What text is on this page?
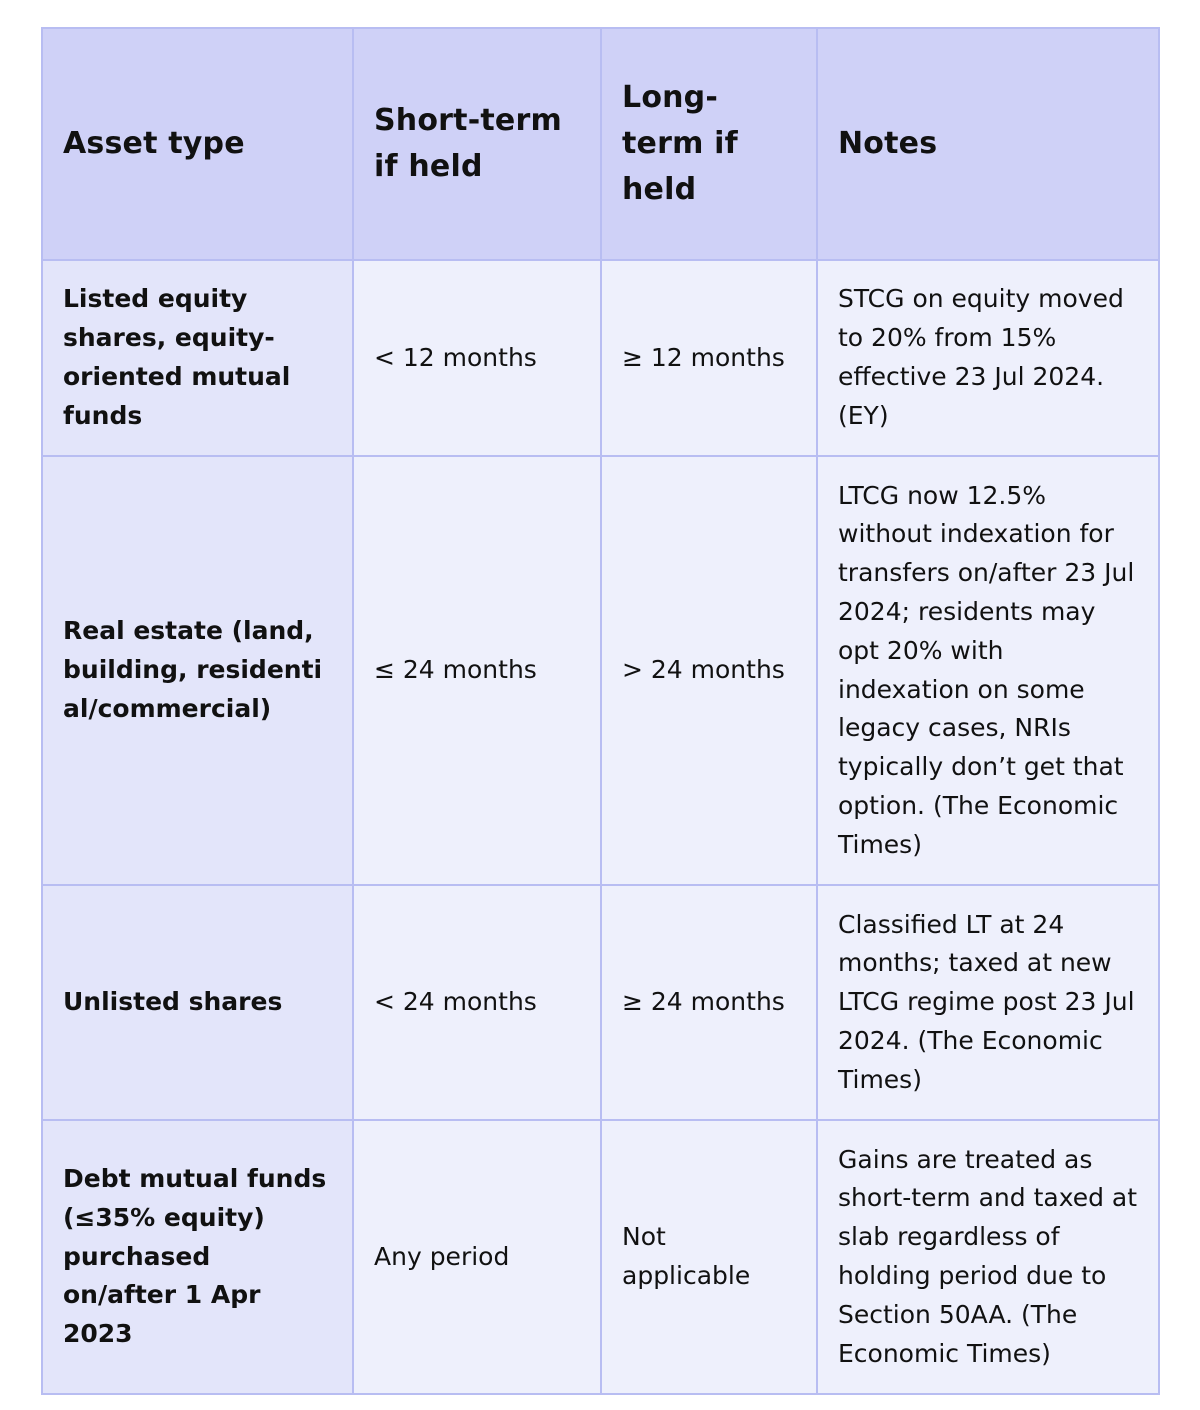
Asset type	Short-term if held	Long-term if held	Notes
Listed equity shares, equity-oriented mutual funds	< 12 months	≥ 12 months	STCG on equity moved to 20% from 15% effective 23 Jul 2024. (EY)
Real estate (land, building, residential/commercial)	≤ 24 months	> 24 months	LTCG now 12.5% without indexation for transfers on/after 23 Jul 2024; residents may opt 20% with indexation on some legacy cases, NRIs typically don’t get that option. (The Economic Times)
Unlisted shares	< 24 months	≥ 24 months	Classified LT at 24 months; taxed at new LTCG regime post 23 Jul 2024. (The Economic Times)
Debt mutual funds (≤35% equity) purchased on/after 1 Apr 2023	Any period	Not applicable	Gains are treated as short-term and taxed at slab regardless of holding period due to Section 50AA. (The Economic Times)
